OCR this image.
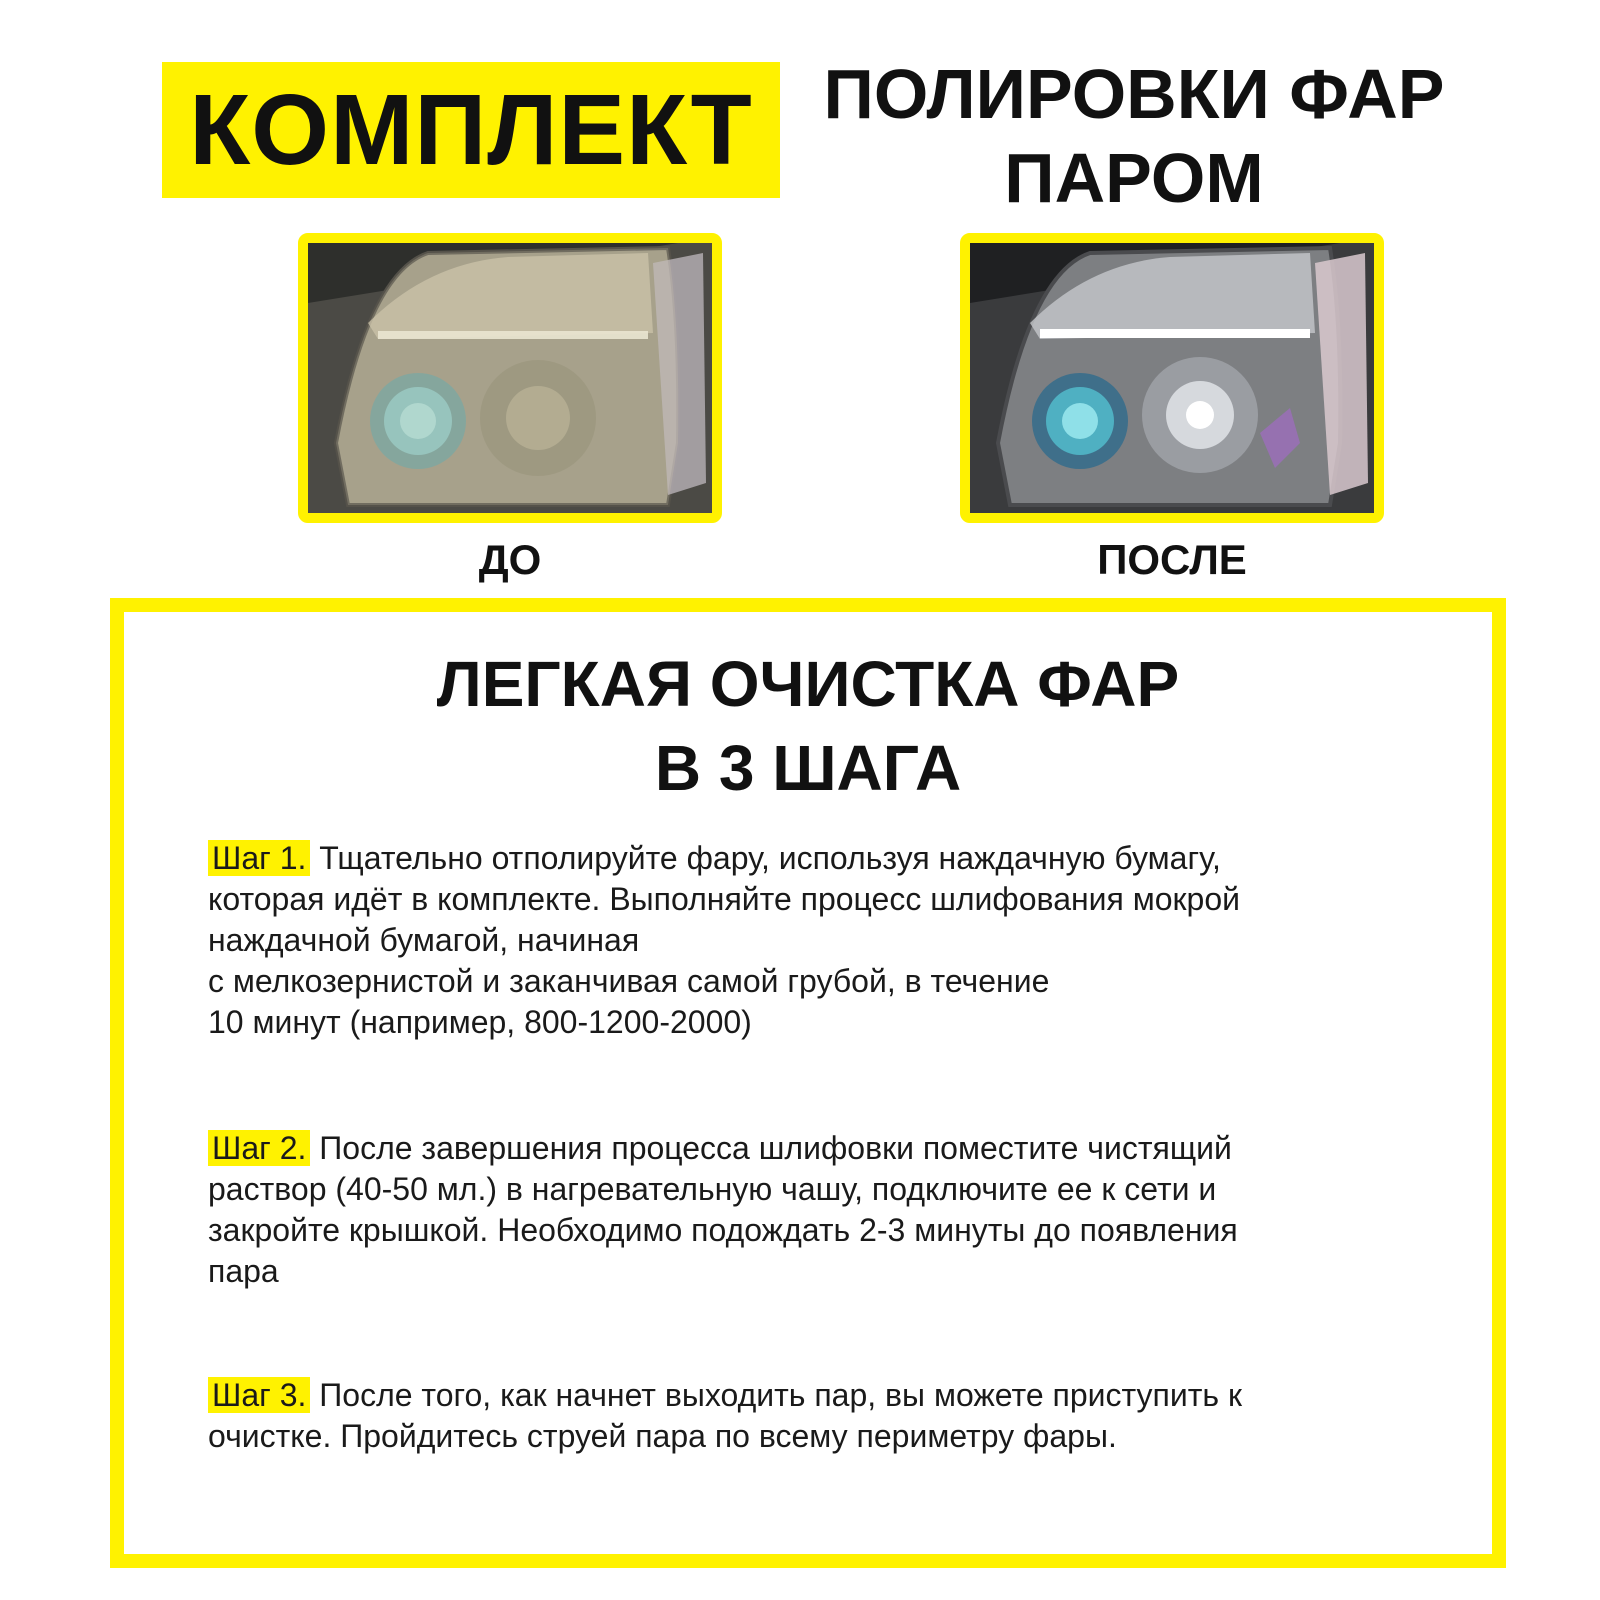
КОМПЛЕКТ ПОЛИРОВКИ ФАР
ПАРОМ
ДО	ПОСЛЕ
ЛЕГКАЯ ОЧИСТКА ФАР
В 3 ШАГА
Шаг 1. Тщательно отполируйте фару, используя наждачную бумагу,
которая идёт в комплекте. Выполняйте процесс шлифования мокрой
наждачной бумагой, начиная
с мелкозернистой и заканчивая самой грубой, в течение
10 минут (например, 800-1200-2000)
Шаг 2. После завершения процесса шлифовки поместите чистящий
раствор (40-50 мл.) в нагревательную чашу, подключите ее к сети и
закройте крышкой. Необходимо подождать 2-3 минуты до появления
пара
Шаг 3. После того, как начнет выходить пар, вы можете приступить к
очистке. Пройдитесь струей пара по всему периметру фары.
